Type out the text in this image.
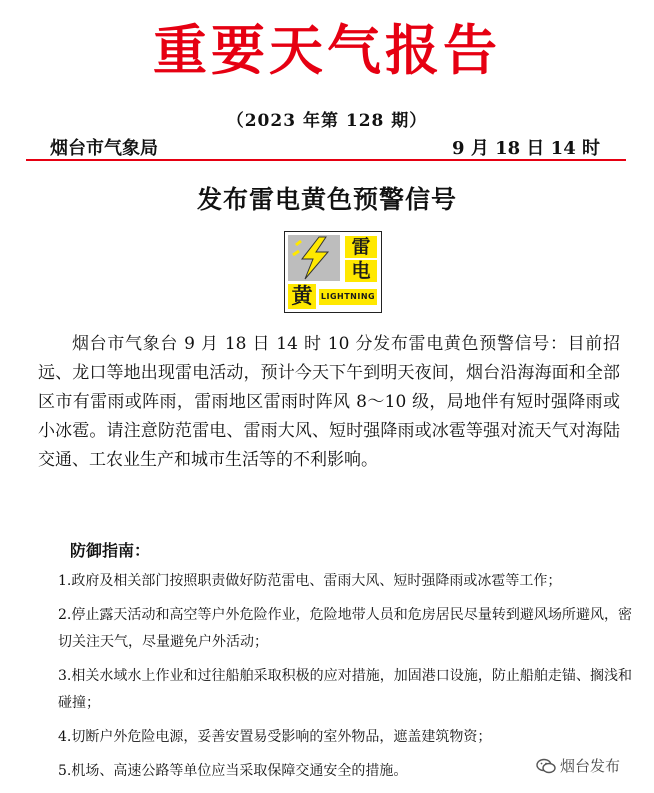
重要天气报告
（2023 年第 128 期）
烟台市气象局	9 月 18 日 14 时
发布雷电黄色预警信号
雷
电
黄	LIGHTNING
烟台市气象台 9 月 18 日 14 时 10 分发布雷电黄色预警信号：目前招远、龙口等地出现雷电活动，预计今天下午到明天夜间，烟台沿海海面和全部区市有雷雨或阵雨，雷雨地区雷雨时阵风 8～10 级，局地伴有短时强降雨或小冰雹。请注意防范雷电、雷雨大风、短时强降雨或冰雹等强对流天气对海陆交通、工农业生产和城市生活等的不利影响。
防御指南：
1.政府及相关部门按照职责做好防范雷电、雷雨大风、短时强降雨或冰雹等工作；
2.停止露天活动和高空等户外危险作业，危险地带人员和危房居民尽量转到避风场所避风，密切关注天气，尽量避免户外活动；
3.相关水域水上作业和过往船舶采取积极的应对措施，加固港口设施，防止船舶走锚、搁浅和碰撞；
4.切断户外危险电源，妥善安置易受影响的室外物品，遮盖建筑物资；
5.机场、高速公路等单位应当采取保障交通安全的措施。	烟台发布
